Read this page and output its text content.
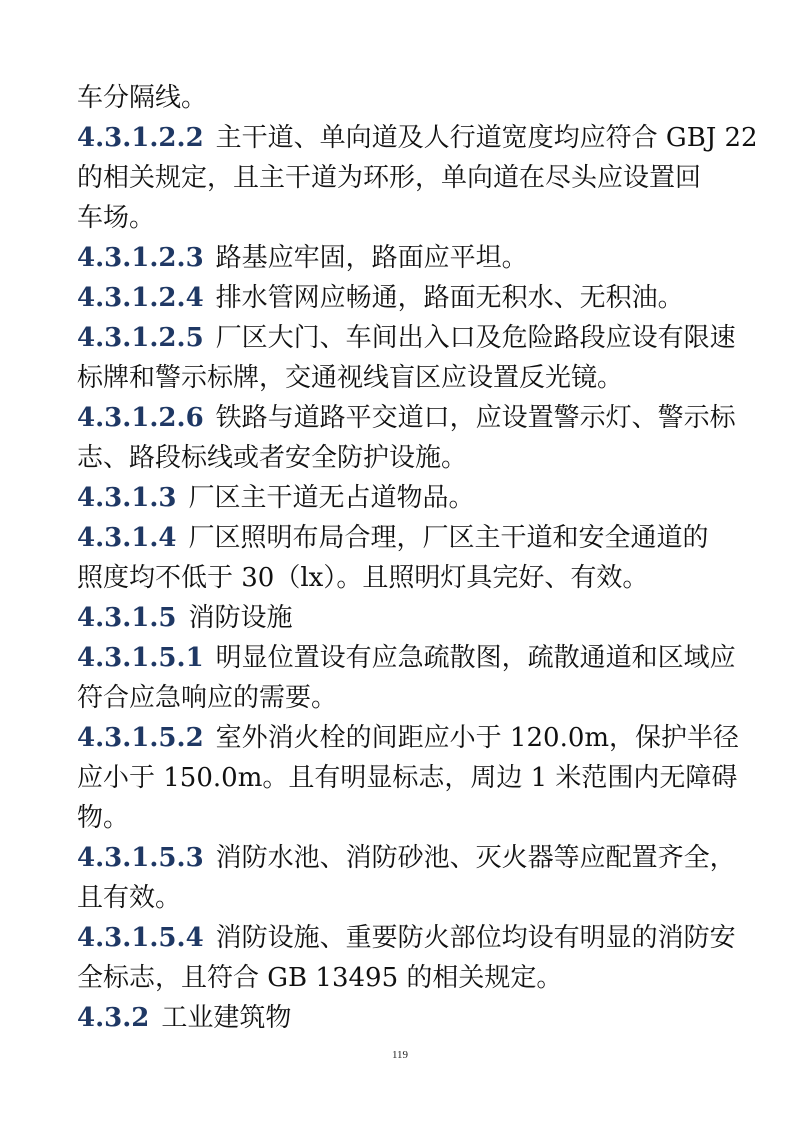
车分隔线。
4.3.1.2.2 主干道、单向道及人行道宽度均应符合 GBJ 22
的相关规定，且主干道为环形，单向道在尽头应设置回
车场。
4.3.1.2.3 路基应牢固，路面应平坦。
4.3.1.2.4 排水管网应畅通，路面无积水、无积油。
4.3.1.2.5 厂区大门、车间出入口及危险路段应设有限速
标牌和警示标牌，交通视线盲区应设置反光镜。
4.3.1.2.6 铁路与道路平交道口，应设置警示灯、警示标
志、路段标线或者安全防护设施。
4.3.1.3 厂区主干道无占道物品。
4.3.1.4 厂区照明布局合理，厂区主干道和安全通道的
照度均不低于 30（lx）。且照明灯具完好、有效。
4.3.1.5 消防设施
4.3.1.5.1 明显位置设有应急疏散图，疏散通道和区域应
符合应急响应的需要。
4.3.1.5.2 室外消火栓的间距应小于 120.0m，保护半径
应小于 150.0m。且有明显标志，周边 1 米范围内无障碍
物。
4.3.1.5.3 消防水池、消防砂池、灭火器等应配置齐全，
且有效。
4.3.1.5.4 消防设施、重要防火部位均设有明显的消防安
全标志，且符合 GB 13495 的相关规定。
4.3.2 工业建筑物
119
